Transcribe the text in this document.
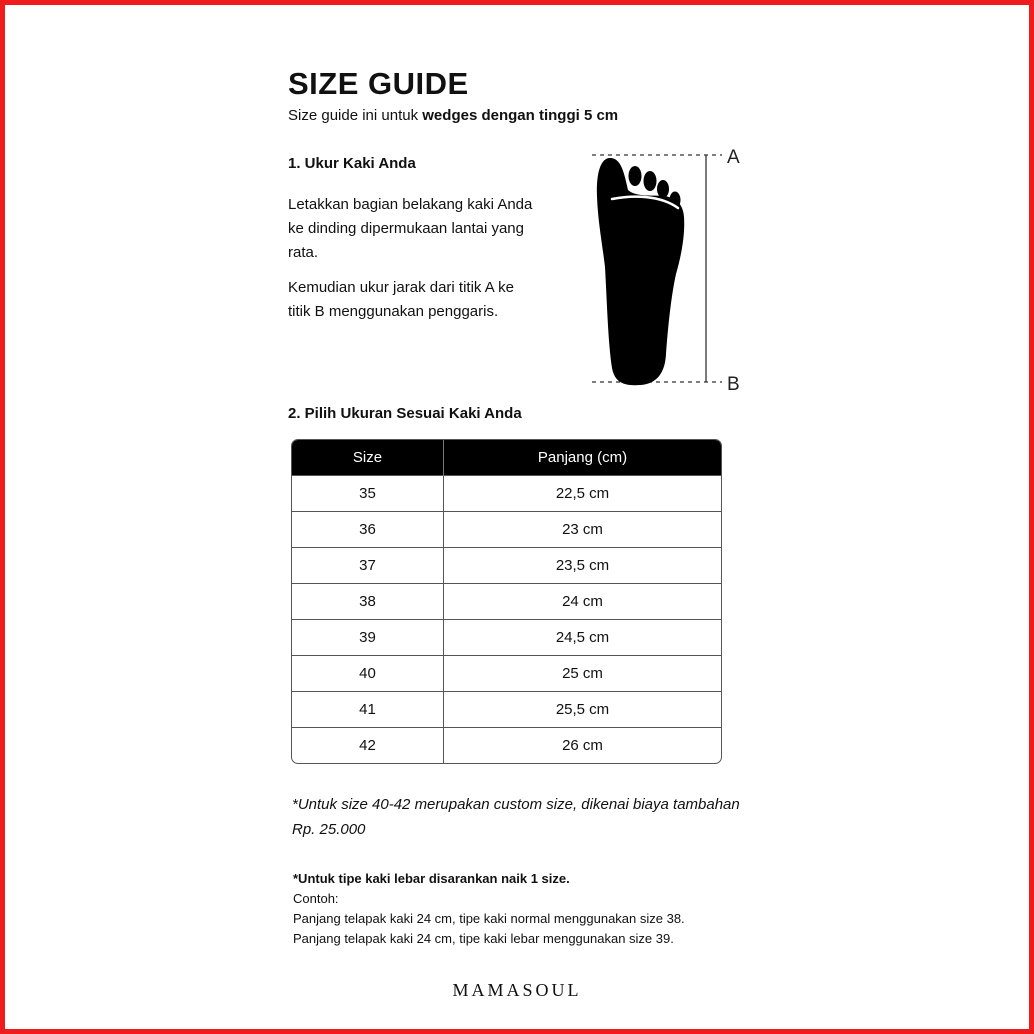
SIZE GUIDE
Size guide ini untuk wedges dengan tinggi 5 cm
1. Ukur Kaki Anda

Letakkan bagian belakang kaki Anda ke dinding dipermukaan lantai yang rata.

Kemudian ukur jarak dari titik A ke titik B menggunakan penggaris.

A
B
2. Pilih Ukuran Sesuai Kaki Anda
Size	Panjang (cm)
35	22,5 cm
36	23 cm
37	23,5 cm
38	24 cm
39	24,5 cm
40	25 cm
41	25,5 cm
42	26 cm
*Untuk size 40-42 merupakan custom size, dikenai biaya tambahan Rp. 25.000
*Untuk tipe kaki lebar disarankan naik 1 size.
Contoh:
Panjang telapak kaki 24 cm, tipe kaki normal menggunakan size 38.
Panjang telapak kaki 24 cm, tipe kaki lebar menggunakan size 39.
MAMASOUL
